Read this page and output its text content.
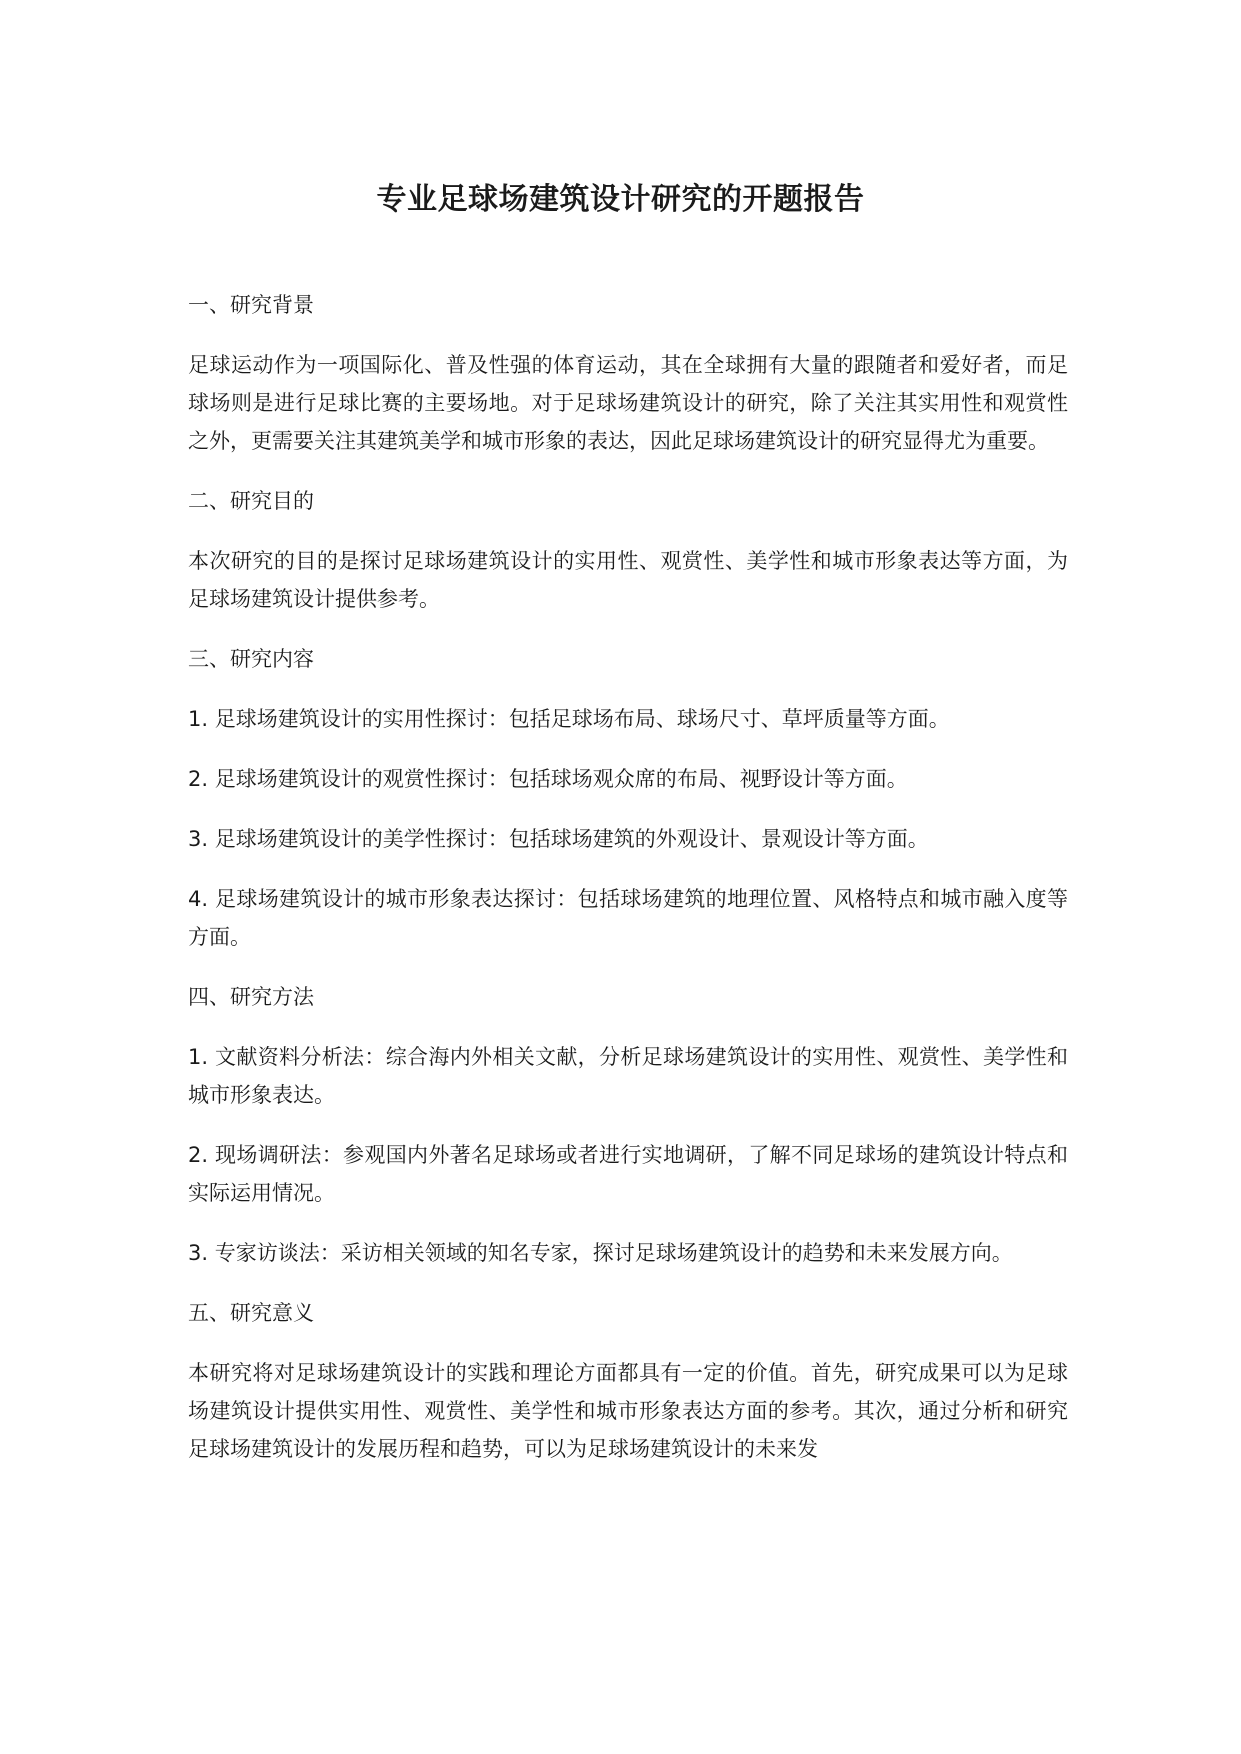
专业足球场建筑设计研究的开题报告
一、研究背景

足球运动作为一项国际化、普及性强的体育运动，其在全球拥有大量的跟随者和爱好者，而足球场则是进行足球比赛的主要场地。对于足球场建筑设计的研究，除了关注其实用性和观赏性之外，更需要关注其建筑美学和城市形象的表达，因此足球场建筑设计的研究显得尤为重要。

二、研究目的

本次研究的目的是探讨足球场建筑设计的实用性、观赏性、美学性和城市形象表达等方面，为足球场建筑设计提供参考。

三、研究内容

1. 足球场建筑设计的实用性探讨：包括足球场布局、球场尺寸、草坪质量等方面。

2. 足球场建筑设计的观赏性探讨：包括球场观众席的布局、视野设计等方面。

3. 足球场建筑设计的美学性探讨：包括球场建筑的外观设计、景观设计等方面。

4. 足球场建筑设计的城市形象表达探讨：包括球场建筑的地理位置、风格特点和城市融入度等方面。

四、研究方法

1. 文献资料分析法：综合海内外相关文献，分析足球场建筑设计的实用性、观赏性、美学性和城市形象表达。

2. 现场调研法：参观国内外著名足球场或者进行实地调研，了解不同足球场的建筑设计特点和实际运用情况。

3. 专家访谈法：采访相关领域的知名专家，探讨足球场建筑设计的趋势和未来发展方向。

五、研究意义

本研究将对足球场建筑设计的实践和理论方面都具有一定的价值。首先，研究成果可以为足球场建筑设计提供实用性、观赏性、美学性和城市形象表达方面的参考。其次，通过分析和研究足球场建筑设计的发展历程和趋势，可以为足球场建筑设计的未来发
